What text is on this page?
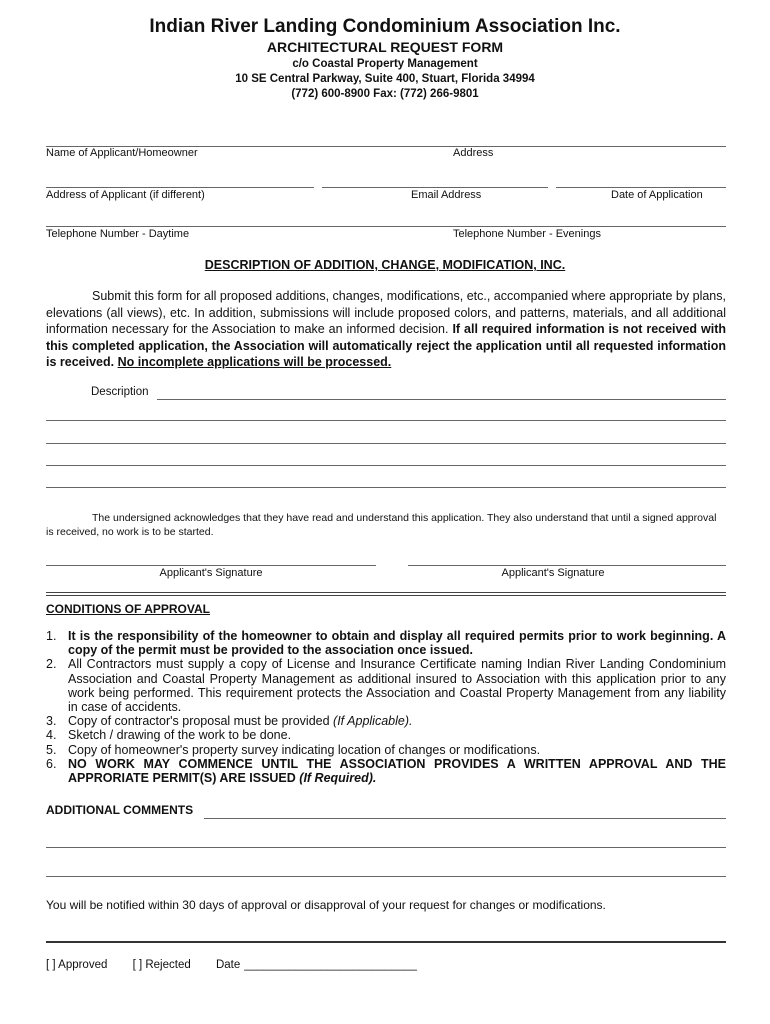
Indian River Landing Condominium Association Inc.
ARCHITECTURAL REQUEST FORM
c/o Coastal Property Management
10 SE Central Parkway, Suite 400, Stuart, Florida 34994
(772) 600-8900 Fax: (772) 266-9801
Name of Applicant/Homeowner	Address
Address of Applicant (if different)	Email Address	Date of Application
Telephone Number - Daytime	Telephone Number - Evenings
DESCRIPTION OF ADDITION, CHANGE, MODIFICATION, INC.

Submit this form for all proposed additions, changes, modifications, etc., accompanied where appropriate by plans, elevations (all views), etc. In addition, submissions will include proposed colors, and patterns, materials, and all additional information necessary for the Association to make an informed decision. If all required information is not received with this completed application, the Association will automatically reject the application until all requested information is received. No incomplete applications will be processed.

Description

The undersigned acknowledges that they have read and understand this application. They also understand that until a signed approval is received, no work is to be started.

Applicant's Signature	Applicant's Signature
CONDITIONS OF APPROVAL
1. It is the responsibility of the homeowner to obtain and display all required permits prior to work beginning. A copy of the permit must be provided to the association once issued.
2. All Contractors must supply a copy of License and Insurance Certificate naming Indian River Landing Condominium Association and Coastal Property Management as additional insured to Association with this application prior to any work being performed. This requirement protects the Association and Coastal Property Management from any liability in case of accidents.
3. Copy of contractor's proposal must be provided (If Applicable).
4. Sketch / drawing of the work to be done.
5. Copy of homeowner's property survey indicating location of changes or modifications.
6. NO WORK MAY COMMENCE UNTIL THE ASSOCIATION PROVIDES A WRITTEN APPROVAL AND THE APPRORIATE PERMIT(S) ARE ISSUED (If Required).
ADDITIONAL COMMENTS
You will be notified within 30 days of approval or disapproval of your request for changes or modifications.
[ ] Approved [ ] Rejected Date ___________________________
